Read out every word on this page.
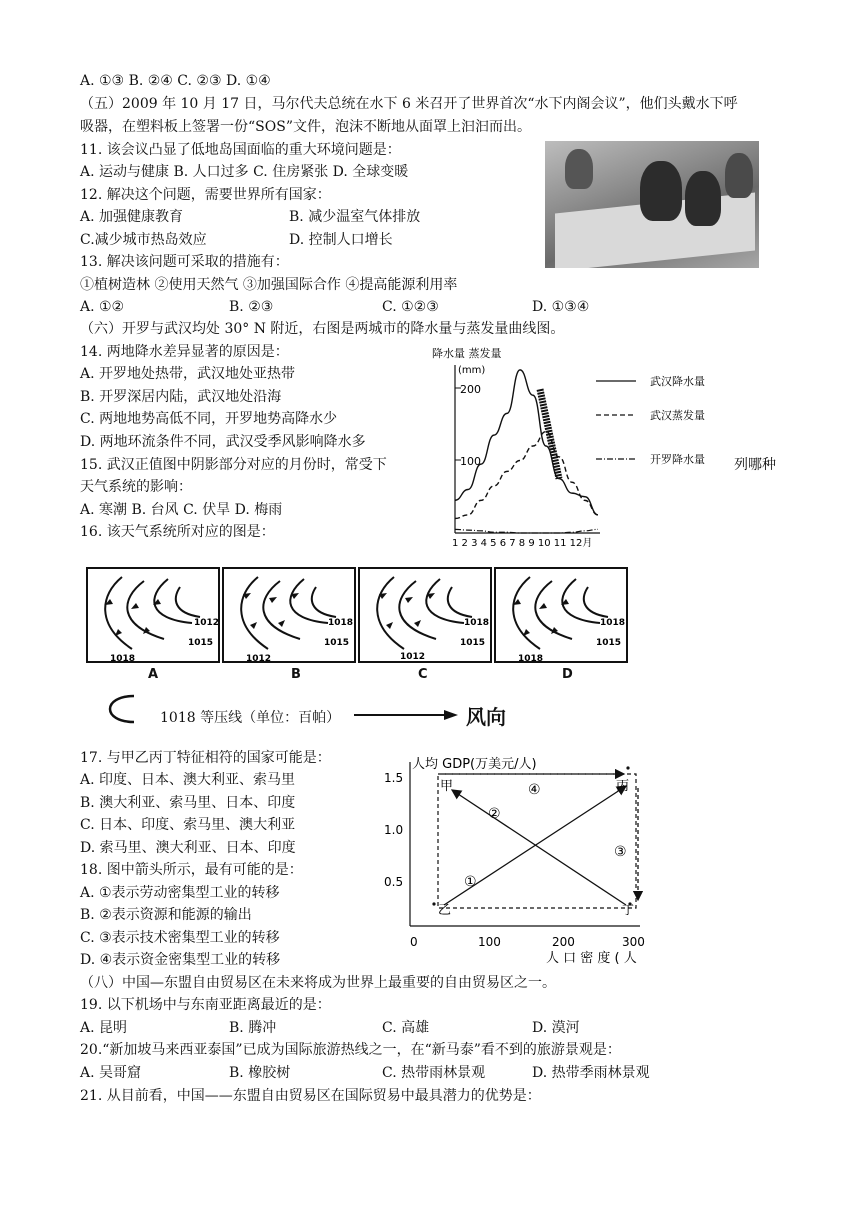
A. ①③ B. ②④ C. ②③ D. ①④
（五）2009 年 10 月 17 日，马尔代夫总统在水下 6 米召开了世界首次“水下内阁会议”，他们头戴水下呼
吸器，在塑料板上签署一份“SOS”文件，泡沫不断地从面罩上汩汩而出。
11. 该会议凸显了低地岛国面临的重大环境问题是：
A. 运动与健康 B. 人口过多 C. 住房紧张 D. 全球变暖
12. 解决这个问题，需要世界所有国家：
A. 加强健康教育	B. 减少温室气体排放
C.减少城市热岛效应	D. 控制人口增长
13. 解决该问题可采取的措施有：
①植树造林 ②使用天然气 ③加强国际合作 ④提高能源利用率
A. ①②	B. ②③	C. ①②③	D. ①③④
（六）开罗与武汉均处 30° N 附近，右图是两城市的降水量与蒸发量曲线图。
14. 两地降水差异显著的原因是：
A. 开罗地处热带，武汉地处亚热带
B. 开罗深居内陆，武汉地处沿海
C. 两地地势高低不同，开罗地势高降水少
D. 两地环流条件不同，武汉受季风影响降水多
15. 武汉正值图中阴影部分对应的月份时，常受下	列哪种
天气系统的影响：
A. 寒潮 B. 台风 C. 伏旱 D. 梅雨
16. 该天气系统所对应的图是：
17. 与甲乙丙丁特征相符的国家可能是：
A. 印度、日本、澳大利亚、索马里
B. 澳大利亚、索马里、日本、印度
C. 日本、印度、索马里、澳大利亚
D. 索马里、澳大利亚、日本、印度
18. 图中箭头所示，最有可能的是：
A. ①表示劳动密集型工业的转移
B. ②表示资源和能源的输出
C. ③表示技术密集型工业的转移
D. ④表示资金密集型工业的转移
（八）中国—东盟自由贸易区在未来将成为世界上最重要的自由贸易区之一。
19. 以下机场中与东南亚距离最近的是：
A. 昆明	B. 腾冲	C. 高雄	D. 漠河
20.“新加坡马来西亚泰国”已成为国际旅游热线之一，在“新马泰”看不到的旅游景观是：
A. 吴哥窟	B. 橡胶树	C. 热带雨林景观	D. 热带季雨林景观
21. 从目前看，中国——东盟自由贸易区在国际贸易中最具潜力的优势是：
降水量 蒸发量
(mm)
200
100
1 2 3 4 5 6 7 8 9 10 11 12月
武汉降水量
武汉蒸发量
开罗降水量
1012
1015
1018
1018
1015
1012
1018
1015
1012
1018
1015
1018
A	B	C	D
1018 等压线（单位：百帕）	风向
人均 GDP(万美元/人)
1.5
1.0
0.5
0	100	200	300
人 口 密 度 ( 人
甲
乙
丙
丁
①
②
③
④
